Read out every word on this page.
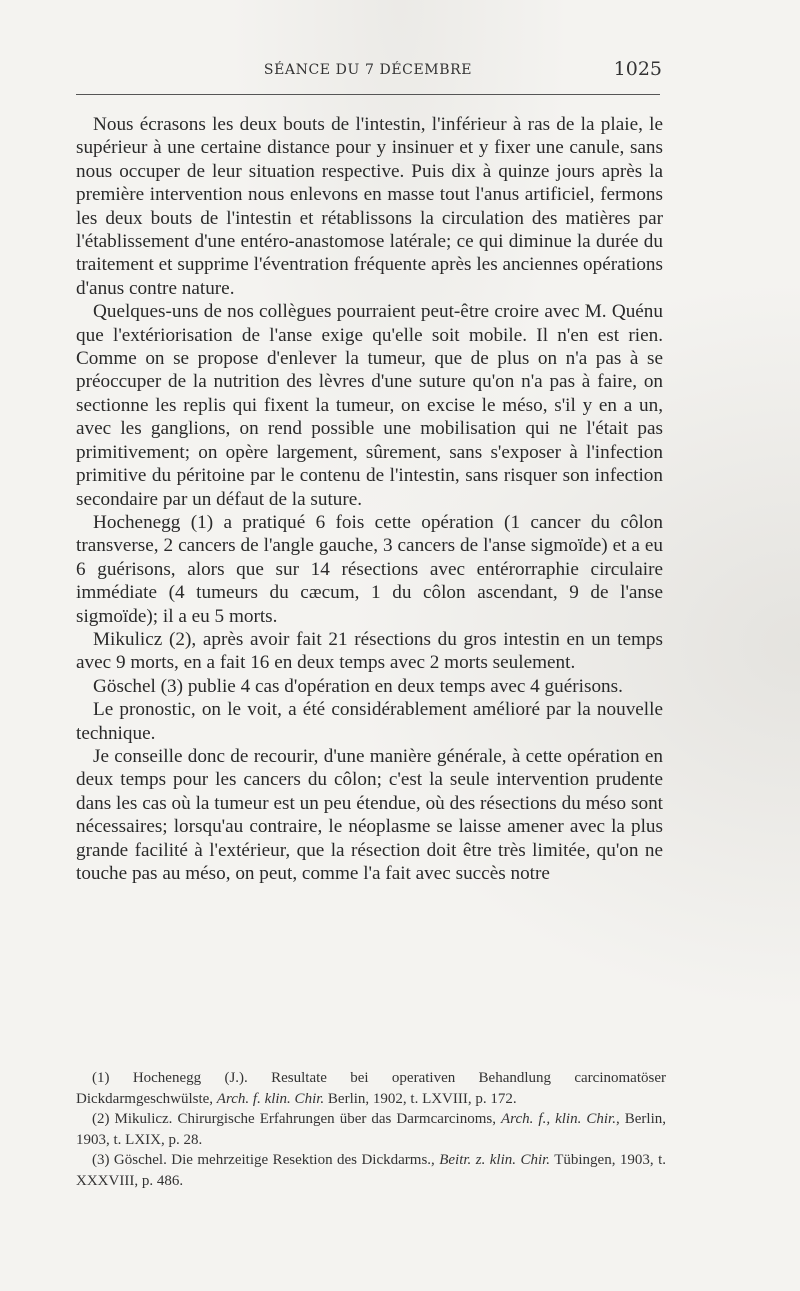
SÉANCE DU 7 DÉCEMBRE	1025

Nous écrasons les deux bouts de l'intestin, l'inférieur à ras de la plaie, le supérieur à une certaine distance pour y insinuer et y fixer une canule, sans nous occuper de leur situation respective. Puis dix à quinze jours après la première intervention nous enlevons en masse tout l'anus artificiel, fermons les deux bouts de l'intestin et rétablissons la circulation des matières par l'établissement d'une entéro-anastomose latérale; ce qui diminue la durée du traitement et supprime l'éventration fréquente après les anciennes opérations d'anus contre nature.

Quelques-uns de nos collègues pourraient peut-être croire avec M. Quénu que l'extériorisation de l'anse exige qu'elle soit mobile. Il n'en est rien. Comme on se propose d'enlever la tumeur, que de plus on n'a pas à se préoccuper de la nutrition des lèvres d'une suture qu'on n'a pas à faire, on sectionne les replis qui fixent la tumeur, on excise le méso, s'il y en a un, avec les ganglions, on rend possible une mobilisation qui ne l'était pas primitivement; on opère largement, sûrement, sans s'exposer à l'infection primitive du péritoine par le contenu de l'intestin, sans risquer son infection secondaire par un défaut de la suture.

Hochenegg (1) a pratiqué 6 fois cette opération (1 cancer du côlon transverse, 2 cancers de l'angle gauche, 3 cancers de l'anse sigmoïde) et a eu 6 guérisons, alors que sur 14 résections avec entérorraphie circulaire immédiate (4 tumeurs du cæcum, 1 du côlon ascendant, 9 de l'anse sigmoïde); il a eu 5 morts.

Mikulicz (2), après avoir fait 21 résections du gros intestin en un temps avec 9 morts, en a fait 16 en deux temps avec 2 morts seulement.

Göschel (3) publie 4 cas d'opération en deux temps avec 4 guérisons.

Le pronostic, on le voit, a été considérablement amélioré par la nouvelle technique.

Je conseille donc de recourir, d'une manière générale, à cette opération en deux temps pour les cancers du côlon; c'est la seule intervention prudente dans les cas où la tumeur est un peu étendue, où des résections du méso sont nécessaires; lorsqu'au contraire, le néoplasme se laisse amener avec la plus grande facilité à l'extérieur, que la résection doit être très limitée, qu'on ne touche pas au méso, on peut, comme l'a fait avec succès notre

(1) Hochenegg (J.). Resultate bei operativen Behandlung carcinomatöser Dickdarmgeschwülste, Arch. f. klin. Chir. Berlin, 1902, t. LXVIII, p. 172.

(2) Mikulicz. Chirurgische Erfahrungen über das Darmcarcinoms, Arch. f., klin. Chir., Berlin, 1903, t. LXIX, p. 28.

(3) Göschel. Die mehrzeitige Resektion des Dickdarms., Beitr. z. klin. Chir. Tübingen, 1903, t. XXXVIII, p. 486.
